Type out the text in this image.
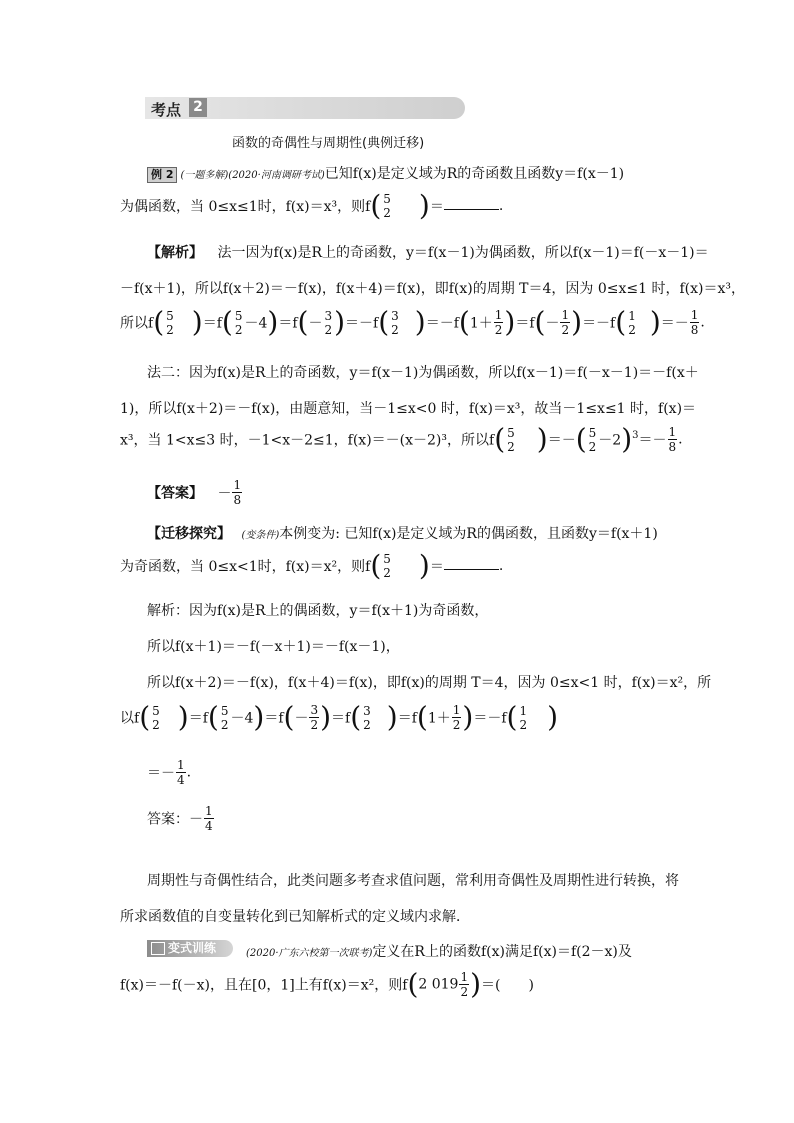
考点 2
函数的奇偶性与周期性(典例迁移)
例 2 (一题多解)(2020·河南调研考试)已知f(x)是定义域为R的奇函数且函数y＝f(x－1)
为偶函数，当 0≤x≤1时，f(x)＝x³，则f( 5
2 )＝	.
【解析】 法一因为f(x)是R上的奇函数，y＝f(x－1)为偶函数，所以f(x－1)＝f(－x－1)＝
－f(x＋1)，所以f(x＋2)＝－f(x)，f(x＋4)＝f(x)，即f(x)的周期 T＝4，因为 0≤x≤1 时，f(x)＝x³，
所以f( 5
2 )＝f( 5
2 －4)＝f(－ 3
2 )＝－f( 3
2 )$=-f(1+ \frac{1}{2} )=f(- \frac{1}{2} )=-f$( 1
2 )＝－ $\frac{1}{8}$ .
法二：因为f(x)是R上的奇函数，y＝f(x－1)为偶函数，所以f(x－1)＝f(－x－1)＝－f(x＋
1)，所以f(x＋2)＝－f(x)，由题意知，当－1≤x<0 时，f(x)＝x³，故当－1≤x≤1 时，f(x)＝
x³，当 1<x≤3 时，－1<x－2≤1，f(x)＝－(x－2)³，所以f( 5
2 )＝－( 5
$2 -2)^3=- \frac{1}{8}$ .
【答案】 － $\frac{1}{8}$
【迁移探究】 (变条件)本例变为: 已知f(x)是定义域为R的偶函数，且函数y＝f(x＋1)
为奇函数，当 0≤x<1时，f(x)＝x²，则f( 5
2 )＝	.
解析：因为f(x)是R上的偶函数，y＝f(x＋1)为奇函数，
所以f(x＋1)＝－f(－x＋1)＝－f(x－1)，
所以f(x＋2)＝－f(x)，f(x＋4)＝f(x)，即f(x)的周期 T＝4，因为 0≤x<1 时，f(x)＝x²，所
以f( 5
2 )＝f( 5
$2 -4)=f(- \frac{3}{2} )=f$( 3
2 )$=f(1+ \frac{1}{2} )=-f$( 1
2 )
＝－ $\frac{1}{4}$ .
答案：－ $\frac{1}{4}$
周期性与奇偶性结合，此类问题多考查求值问题，常利用奇偶性及周期性进行转换，将
所求函数值的自变量转化到已知解析式的定义域内求解．
变式训练	(2020·广东六校第一次联考)定义在R上的函数f(x)满足f(x)＝f(2－x)及
f(x)＝－f(－x)，且在[0，1]上有f(x)＝x²，则f(2 $019 \frac{1}{2}$ )＝(　　)
